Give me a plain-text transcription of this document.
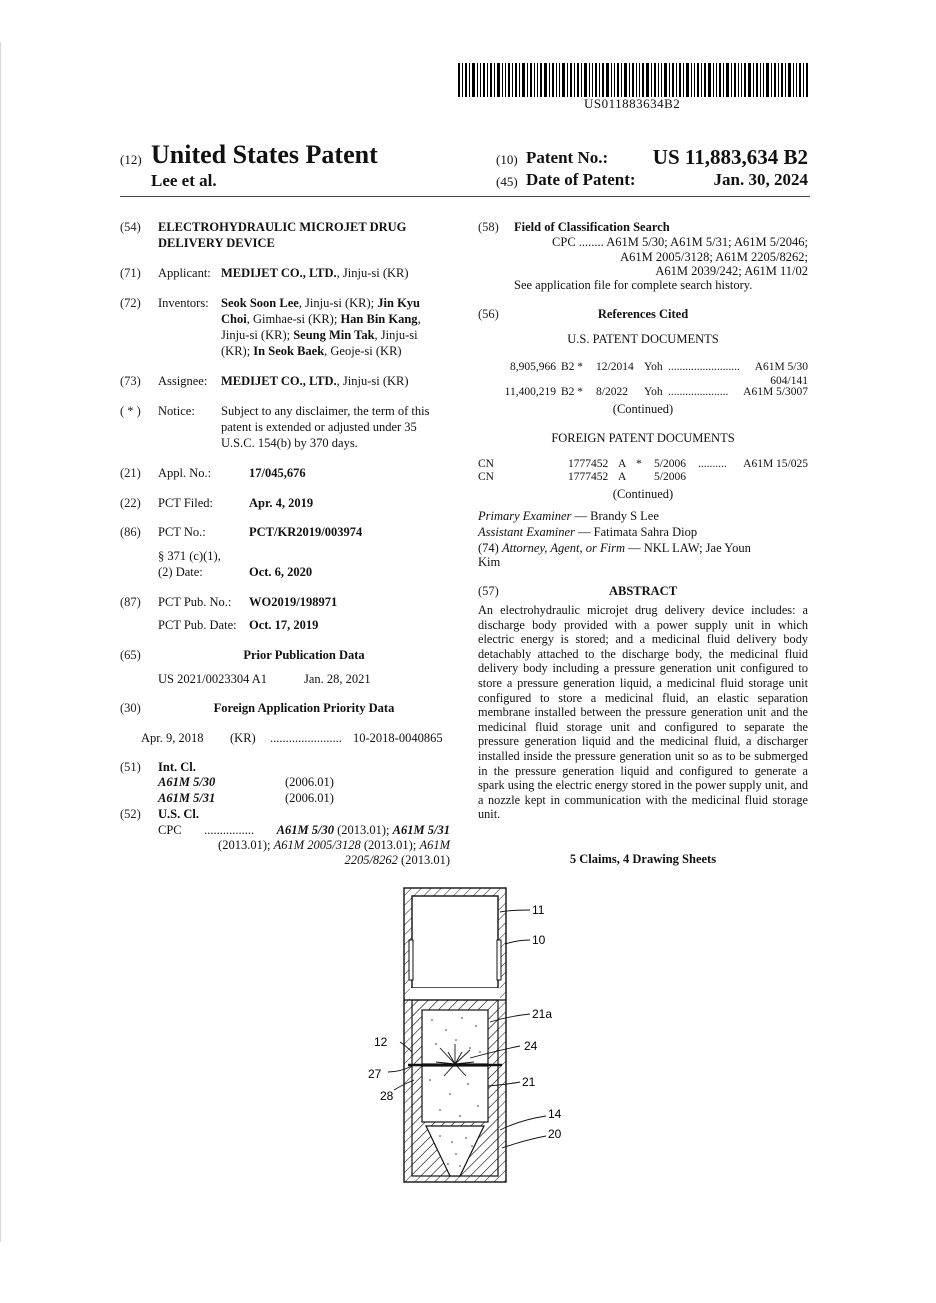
US011883634B2
(12) United States Patent
Lee et al.
(10) Patent No.:	US 11,883,634 B2
(45) Date of Patent:	Jan. 30, 2024
(54) ELECTROHYDRAULIC MICROJET DRUG
DELIVERY DEVICE
(71) Applicant: MEDIJET CO., LTD., Jinju-si (KR)
(72) Inventors: Seok Soon Lee, Jinju-si (KR); Jin Kyu
Choi, Gimhae-si (KR); Han Bin Kang,
Jinju-si (KR); Seung Min Tak, Jinju-si
(KR); In Seok Baek, Geoje-si (KR)
(73) Assignee: MEDIJET CO., LTD., Jinju-si (KR)
( * ) Notice: Subject to any disclaimer, the term of this
patent is extended or adjusted under 35
U.S.C. 154(b) by 370 days.
(21) Appl. No.:	17/045,676
(22) PCT Filed:	Apr. 4, 2019
(86) PCT No.:	PCT/KR2019/003974
§ 371 (c)(1),
(2) Date:	Oct. 6, 2020
(87) PCT Pub. No.: WO2019/198971
PCT Pub. Date: Oct. 17, 2019
(65)	Prior Publication Data
US 2021/0023304 A1	Jan. 28, 2021
(30)	Foreign Application Priority Data
Apr. 9, 2018 (KR) ....................... 10-2018-0040865
(51) Int. Cl.
A61M 5/30	(2006.01)
A61M 5/31	(2006.01)
(52) U.S. Cl.
CPC ................ A61M 5/30 (2013.01); A61M 5/31
(2013.01); A61M 2005/3128 (2013.01); A61M
2205/8262 (2013.01)
(58) Field of Classification Search
CPC ........ A61M 5/30; A61M 5/31; A61M 5/2046;
A61M 2005/3128; A61M 2205/8262;
A61M 2039/242; A61M 11/02
See application file for complete search history.
(56)	References Cited
U.S. PATENT DOCUMENTS
8,905,966 B2 * 12/2014 Yoh .........................	A61M 5/30
604/141
11,400,219 B2 * 8/2022 Yoh .....................	A61M 5/3007
(Continued)
FOREIGN PATENT DOCUMENTS
CN	1777452 A * 5/2006 ..........	A61M 15/025
CN	1777452 A 5/2006
(Continued)
Primary Examiner — Brandy S Lee
Assistant Examiner — Fatimata Sahra Diop
(74) Attorney, Agent, or Firm — NKL LAW; Jae Youn
Kim
(57)	ABSTRACT
An electrohydraulic microjet drug delivery device includes: a discharge body provided with a power supply unit in which electric energy is stored; and a medicinal fluid delivery body detachably attached to the discharge body, the medicinal fluid delivery body including a pressure generation unit configured to store a pressure generation liquid, a medicinal fluid storage unit configured to store a medicinal fluid, an elastic separation membrane installed between the pressure generation unit and the medicinal fluid storage unit and configured to separate the pressure generation liquid and the medicinal fluid, a discharger installed inside the pressure generation unit so as to be submerged in the pressure generation liquid and configured to generate a spark using the electric energy stored in the power supply unit, and a nozzle kept in communication with the medicinal fluid storage unit.
5 Claims, 4 Drawing Sheets
11
10
21a
12	24
27
21
28
14
20
